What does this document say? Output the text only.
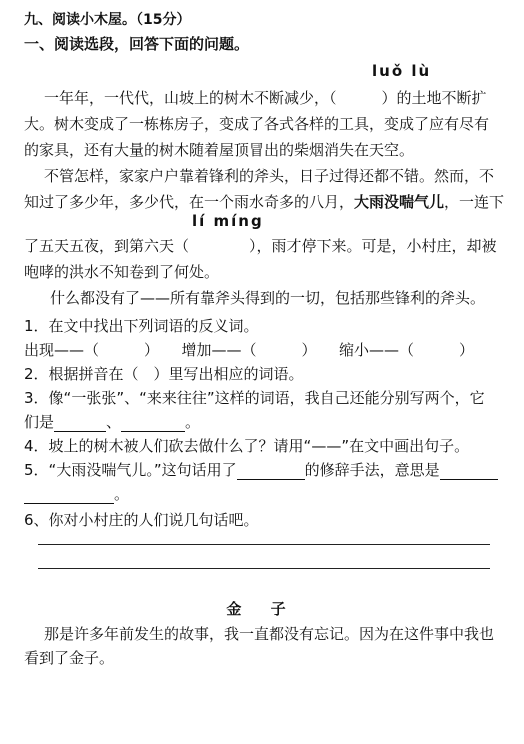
九、阅读小木屋。（15分）
一、阅读选段，回答下面的问题。
luǒ lù
一年年，一代代，山坡上的树木不断减少，（　　　）的土地不断扩
大。树木变成了一栋栋房子，变成了各式各样的工具，变成了应有尽有
的家具，还有大量的树木随着屋顶冒出的柴烟消失在天空。
不管怎样，家家户户靠着锋利的斧头，日子过得还都不错。然而，不
知过了多少年，多少代，在一个雨水奇多的八月，大雨没喘气儿，一连下
lí míng
了五天五夜，到第六天（　　　　），雨才停下来。可是，小村庄，却被
咆哮的洪水不知卷到了何处。
什么都没有了——所有靠斧头得到的一切，包括那些锋利的斧头。
1．在文中找出下列词语的反义词。
出现——（　　　）　　增加——（　　　）　　缩小——（　　　）
2．根据拼音在（　）里写出相应的词语。
3．像“一张张”、“来来往往”这样的词语，我自己还能分别写两个，它
们是	、	。
4．坡上的树木被人们砍去做什么了？请用“——”在文中画出句子。
5．“大雨没喘气儿。”这句话用了	的修辞手法，意思是
。
6、你对小村庄的人们说几句话吧。
金 子
那是许多年前发生的故事，我一直都没有忘记。因为在这件事中我也
看到了金子。
